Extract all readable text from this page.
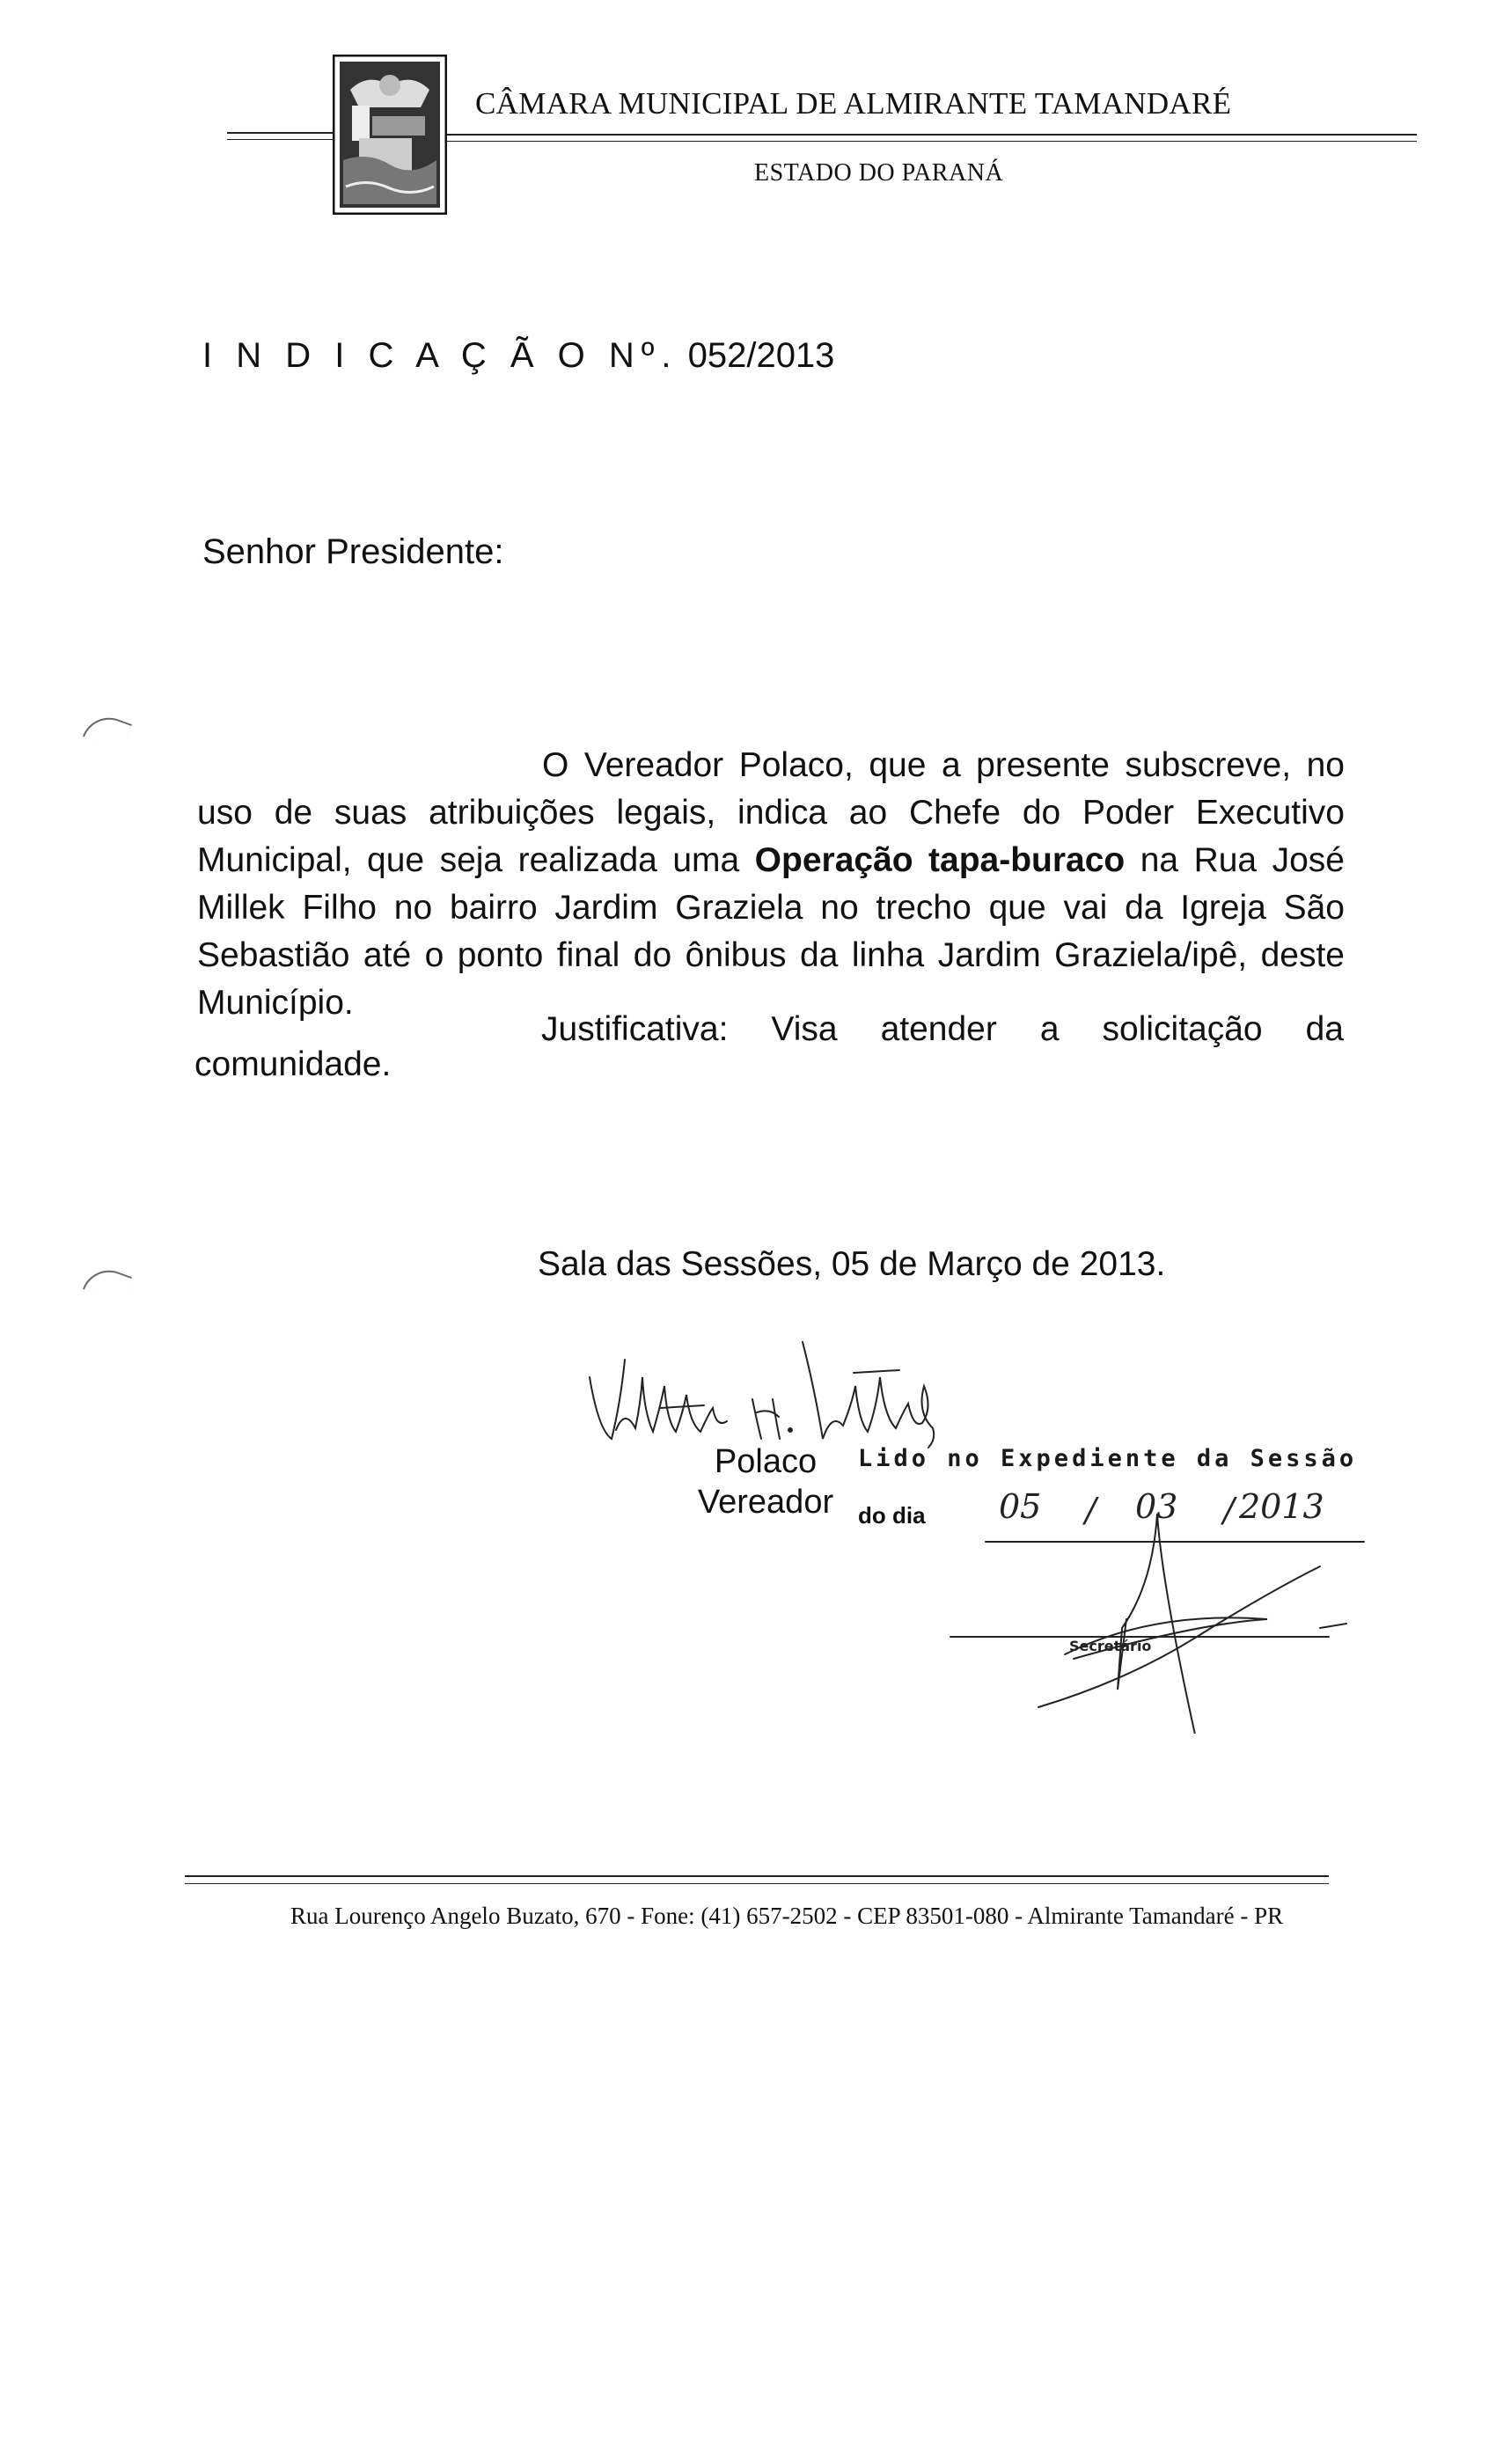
CÂMARA MUNICIPAL DE ALMIRANTE TAMANDARÉ
ESTADO DO PARANÁ
I N D I C A Ç Ã O Nº. 052/2013
Senhor Presidente:
O Vereador Polaco, que a presente subscreve, no
uso de suas atribuições legais, indica ao Chefe do Poder Executivo
Municipal, que seja realizada uma Operação tapa-buraco na Rua José
Millek Filho no bairro Jardim Graziela no trecho que vai da Igreja São
Sebastião até o ponto final do ônibus da linha Jardim Graziela/ipê, deste
Município.
Justificativa: Visa atender a solicitação da
comunidade.
Sala das Sessões, 05 de Março de 2013.
Polaco
Vereador
Lido no Expediente da Sessão
do dia 05 / 03 / 2013
Secretário
Rua Lourenço Angelo Buzato, 670 - Fone: (41) 657-2502 - CEP 83501-080 - Almirante Tamandaré - PR
